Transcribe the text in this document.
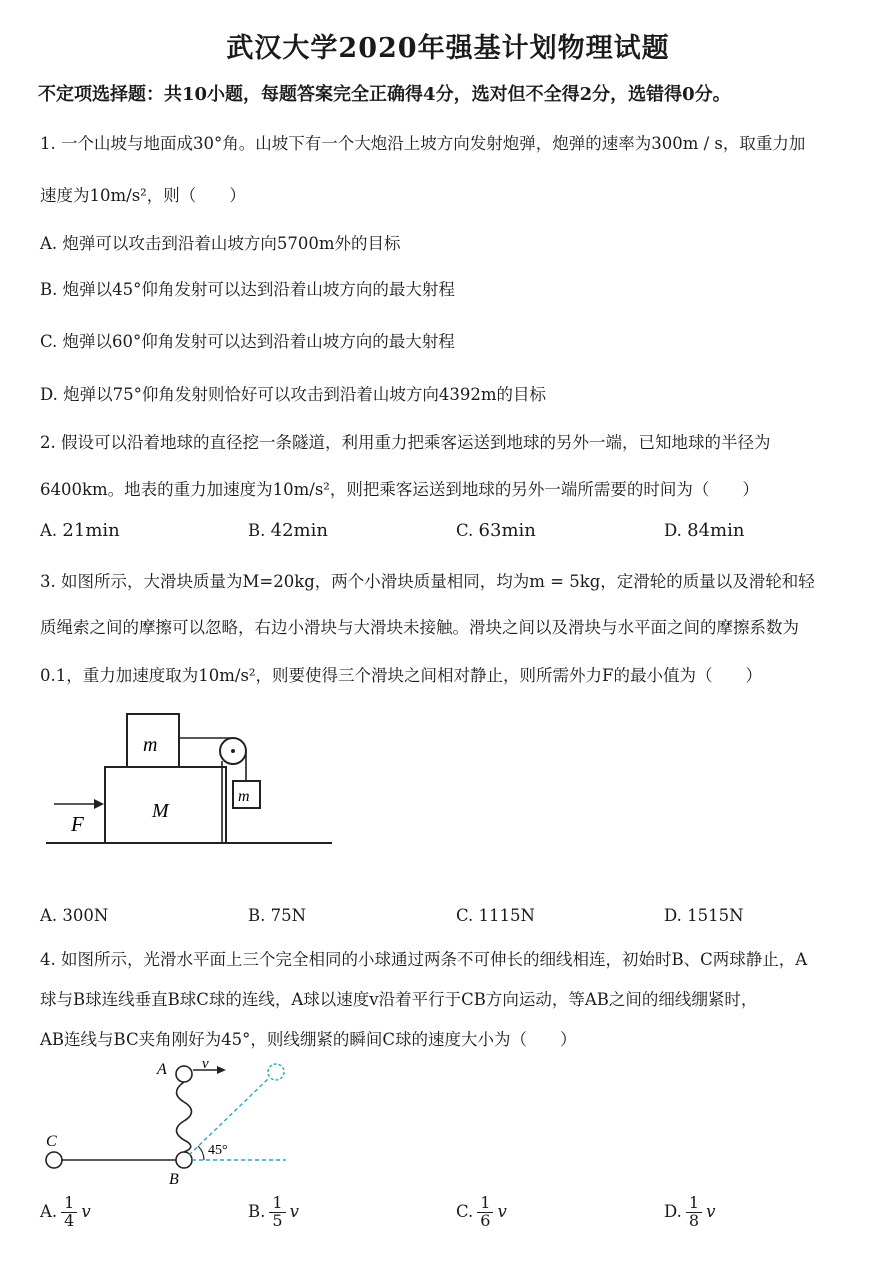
武汉大学2020年强基计划物理试题
不定项选择题：共10小题，每题答案完全正确得4分，选对但不全得2分，选错得0分。
1. 一个山坡与地面成30°角。山坡下有一个大炮沿上坡方向发射炮弹，炮弹的速率为300m / s，取重力加
速度为10m/s²，则（　　）
A. 炮弹可以攻击到沿着山坡方向5700m外的目标
B. 炮弹以45°仰角发射可以达到沿着山坡方向的最大射程
C. 炮弹以60°仰角发射可以达到沿着山坡方向的最大射程
D. 炮弹以75°仰角发射则恰好可以攻击到沿着山坡方向4392m的目标
2. 假设可以沿着地球的直径挖一条隧道，利用重力把乘客运送到地球的另外一端，已知地球的半径为
6400km。地表的重力加速度为10m/s²，则把乘客运送到地球的另外一端所需要的时间为（　　）
A. 21min	B. 42min	C. 63min	D. 84min
3. 如图所示，大滑块质量为M=20kg，两个小滑块质量相同，均为m = 5kg，定滑轮的质量以及滑轮和轻
质绳索之间的摩擦可以忽略，右边小滑块与大滑块未接触。滑块之间以及滑块与水平面之间的摩擦系数为
0.1，重力加速度取为10m/s²，则要使得三个滑块之间相对静止，则所需外力F的最小值为（　　）
m
M
m
F
A. 300N	B. 75N	C. 1115N	D. 1515N
4. 如图所示，光滑水平面上三个完全相同的小球通过两条不可伸长的细线相连，初始时B、C两球静止，A
球与B球连线垂直B球C球的连线，A球以速度v沿着平行于CB方向运动，等AB之间的细线绷紧时，
AB连线与BC夹角刚好为45°，则线绷紧的瞬间C球的速度大小为（　　）
A v
C
B
45°
A. $\frac{1}{4}$ v	B. $\frac{1}{5}$ v	C. $\frac{1}{6}$ v	D. $\frac{1}{8}$ v
